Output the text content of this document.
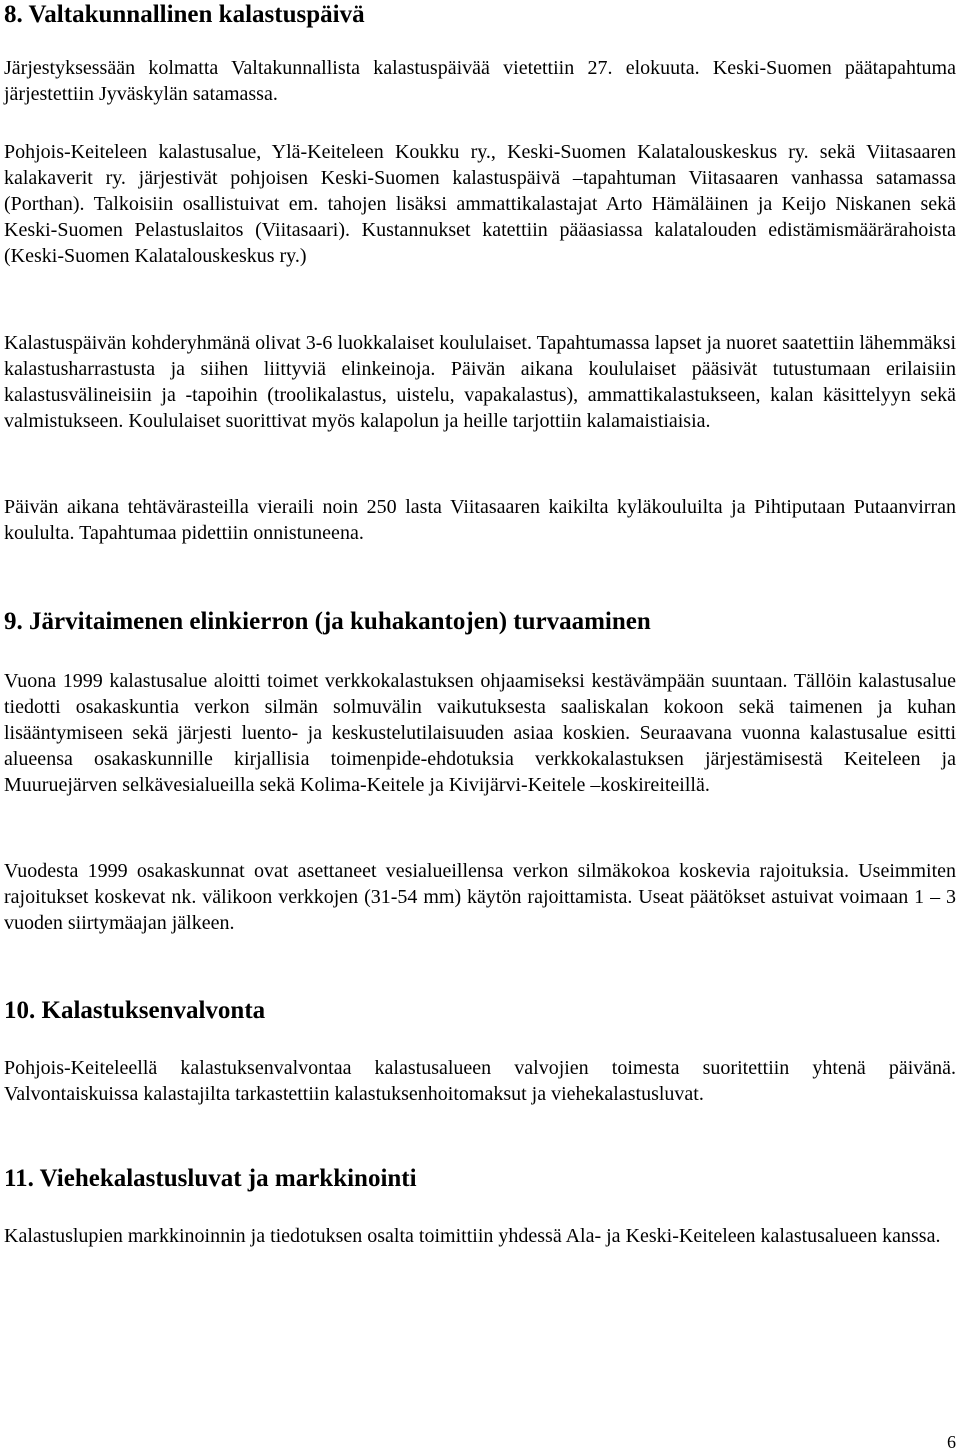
8. Valtakunnallinen kalastuspäivä

Järjestyksessään kolmatta Valtakunnallista kalastuspäivää vietettiin 27. elokuuta. Keski-Suomen päätapahtuma järjestettiin Jyväskylän satamassa.

Pohjois-Keiteleen kalastusalue, Ylä-Keiteleen Koukku ry., Keski-Suomen Kalatalouskeskus ry. sekä Viitasaaren kalakaverit ry. järjestivät pohjoisen Keski-Suomen kalastuspäivä –tapahtuman Viitasaaren vanhassa satamassa (Porthan). Talkoisiin osallistuivat em. tahojen lisäksi ammattikalastajat Arto Hämäläinen ja Keijo Niskanen sekä Keski-Suomen Pelastuslaitos (Viitasaari). Kustannukset katettiin pääasiassa kalatalouden edistämismäärärahoista (Keski-Suomen Kalatalouskeskus ry.)

Kalastuspäivän kohderyhmänä olivat 3-6 luokkalaiset koululaiset. Tapahtumassa lapset ja nuoret saatettiin lähemmäksi kalastusharrastusta ja siihen liittyviä elinkeinoja. Päivän aikana koululaiset pääsivät tutustumaan erilaisiin kalastusvälineisiin ja -tapoihin (troolikalastus, uistelu, vapakalastus), ammattikalastukseen, kalan käsittelyyn sekä valmistukseen. Koululaiset suorittivat myös kalapolun ja heille tarjottiin kalamaistiaisia.

Päivän aikana tehtävärasteilla vieraili noin 250 lasta Viitasaaren kaikilta kyläkouluilta ja Pihtiputaan Putaanvirran koululta. Tapahtumaa pidettiin onnistuneena.

9. Järvitaimenen elinkierron (ja kuhakantojen) turvaaminen

Vuona 1999 kalastusalue aloitti toimet verkkokalastuksen ohjaamiseksi kestävämpään suuntaan. Tällöin kalastusalue tiedotti osakaskuntia verkon silmän solmuvälin vaikutuksesta saaliskalan kokoon sekä taimenen ja kuhan lisääntymiseen sekä järjesti luento- ja keskustelutilaisuuden asiaa koskien. Seuraavana vuonna kalastusalue esitti alueensa osakaskunnille kirjallisia toimenpide-ehdotuksia verkkokalastuksen järjestämisestä Keiteleen ja Muuruejärven selkävesialueilla sekä Kolima-Keitele ja Kivijärvi-Keitele –koskireiteillä.

Vuodesta 1999 osakaskunnat ovat asettaneet vesialueillensa verkon silmäkokoa koskevia rajoituksia. Useimmiten rajoitukset koskevat nk. välikoon verkkojen (31-54 mm) käytön rajoittamista. Useat päätökset astuivat voimaan 1 – 3 vuoden siirtymäajan jälkeen.

10. Kalastuksenvalvonta

Pohjois-Keiteleellä kalastuksenvalvontaa kalastusalueen valvojien toimesta suoritettiin yhtenä päivänä. Valvontaiskuissa kalastajilta tarkastettiin kalastuksenhoitomaksut ja viehekalastusluvat.

11. Viehekalastusluvat ja markkinointi

Kalastuslupien markkinoinnin ja tiedotuksen osalta toimittiin yhdessä Ala- ja Keski-Keiteleen kalastusalueen kanssa.

6
